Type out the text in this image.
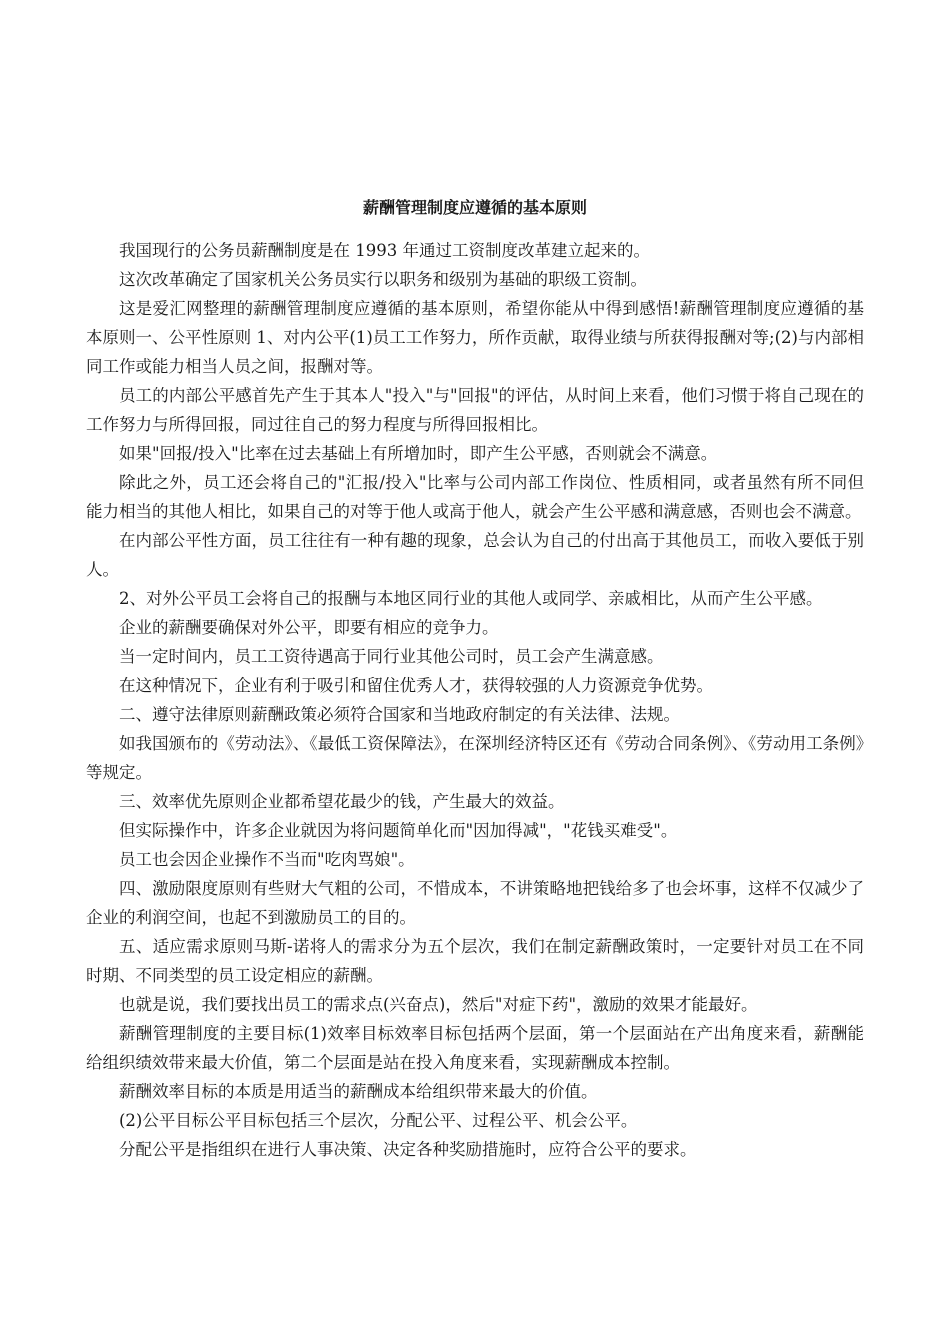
薪酬管理制度应遵循的基本原则

我国现行的公务员薪酬制度是在 1993 年通过工资制度改革建立起来的。

这次改革确定了国家机关公务员实行以职务和级别为基础的职级工资制。

这是爱汇网整理的薪酬管理制度应遵循的基本原则，希望你能从中得到感悟!薪酬管理制度应遵循的基本原则一、公平性原则 1、对内公平(1)员工工作努力，所作贡献，取得业绩与所获得报酬对等;(2)与内部相同工作或能力相当人员之间，报酬对等。

员工的内部公平感首先产生于其本人"投入"与"回报"的评估，从时间上来看，他们习惯于将自己现在的工作努力与所得回报，同过往自己的努力程度与所得回报相比。

如果"回报/投入"比率在过去基础上有所增加时，即产生公平感，否则就会不满意。

除此之外，员工还会将自己的"汇报/投入"比率与公司内部工作岗位、性质相同，或者虽然有所不同但能力相当的其他人相比，如果自己的对等于他人或高于他人，就会产生公平感和满意感，否则也会不满意。

在内部公平性方面，员工往往有一种有趣的现象，总会认为自己的付出高于其他员工，而收入要低于别人。

2、对外公平员工会将自己的报酬与本地区同行业的其他人或同学、亲戚相比，从而产生公平感。

企业的薪酬要确保对外公平，即要有相应的竞争力。

当一定时间内，员工工资待遇高于同行业其他公司时，员工会产生满意感。

在这种情况下，企业有利于吸引和留住优秀人才，获得较强的人力资源竞争优势。

二、遵守法律原则薪酬政策必须符合国家和当地政府制定的有关法律、法规。

如我国颁布的《劳动法》、《最低工资保障法》，在深圳经济特区还有《劳动合同条例》、《劳动用工条例》等规定。

三、效率优先原则企业都希望花最少的钱，产生最大的效益。

但实际操作中，许多企业就因为将问题简单化而"因加得减"，"花钱买难受"。

员工也会因企业操作不当而"吃肉骂娘"。

四、激励限度原则有些财大气粗的公司，不惜成本，不讲策略地把钱给多了也会坏事，这样不仅减少了企业的利润空间，也起不到激励员工的目的。

五、适应需求原则马斯-诺将人的需求分为五个层次，我们在制定薪酬政策时，一定要针对员工在不同时期、不同类型的员工设定相应的薪酬。

也就是说，我们要找出员工的需求点(兴奋点)，然后"对症下药"，激励的效果才能最好。

薪酬管理制度的主要目标(1)效率目标效率目标包括两个层面，第一个层面站在产出角度来看，薪酬能给组织绩效带来最大价值，第二个层面是站在投入角度来看，实现薪酬成本控制。

薪酬效率目标的本质是用适当的薪酬成本给组织带来最大的价值。

(2)公平目标公平目标包括三个层次，分配公平、过程公平、机会公平。

分配公平是指组织在进行人事决策、决定各种奖励措施时，应符合公平的要求。
